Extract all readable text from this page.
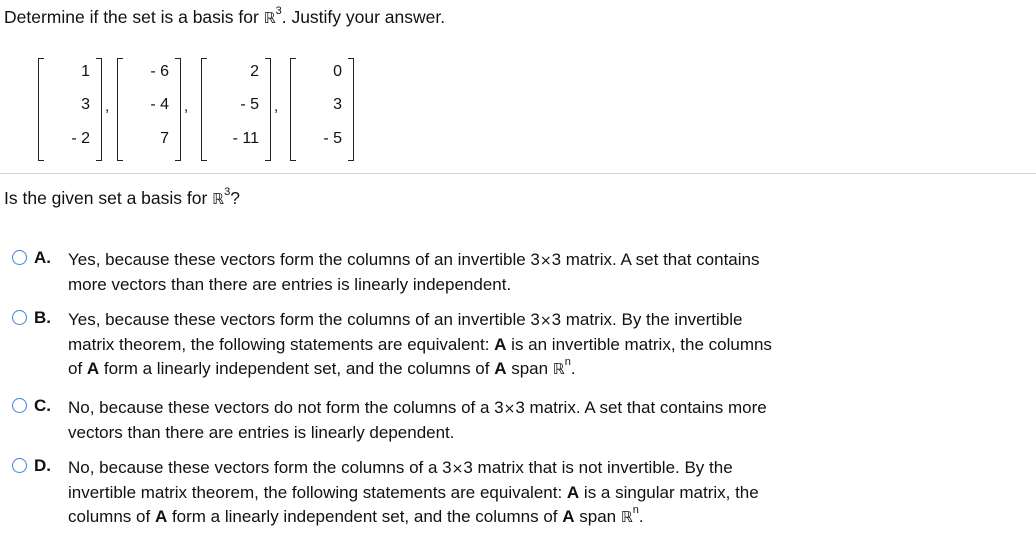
Determine if the set is a basis for ℝ$^3$. Justify your answer.
1
3
- 2
,
- 6
- 4
7
,
2
- 5
- 11
,
0
3
- 5
Is the given set a basis for ℝ$^3$?
A. Yes, because these vectors form the columns of an invertible 3×3 matrix. A set that contains
more vectors than there are entries is linearly independent.
B. Yes, because these vectors form the columns of an invertible 3×3 matrix. By the invertible
matrix theorem, the following statements are equivalent: A is an invertible matrix, the columns
of A form a linearly independent set, and the columns of A span ℝ$^n$.
C. No, because these vectors do not form the columns of a 3×3 matrix. A set that contains more
vectors than there are entries is linearly dependent.
D. No, because these vectors form the columns of a 3×3 matrix that is not invertible. By the
invertible matrix theorem, the following statements are equivalent: A is a singular matrix, the
columns of A form a linearly independent set, and the columns of A span ℝ$^n$.
